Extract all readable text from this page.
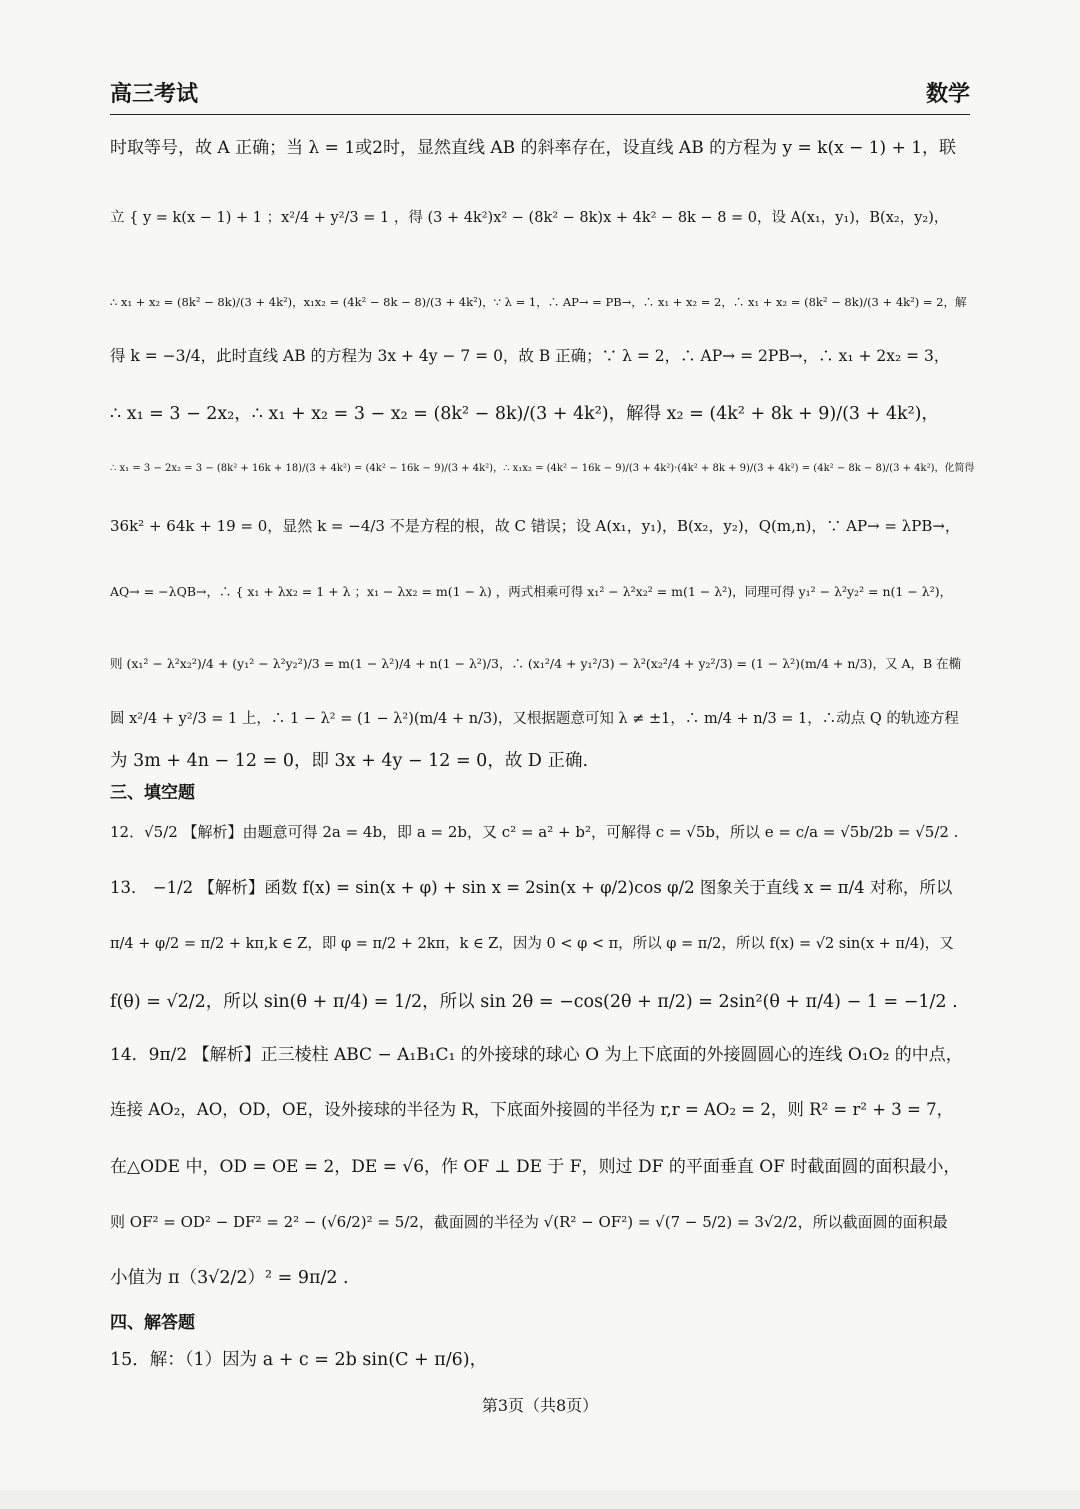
高三考试	数学
时取等号，故 A 正确；当 λ = 1或2时，显然直线 AB 的斜率存在，设直线 AB 的方程为 y = k(x − 1) + 1，联
立 { y = k(x − 1) + 1 ；x²/4 + y²/3 = 1 ，得 (3 + 4k²)x² − (8k² − 8k)x + 4k² − 8k − 8 = 0，设 A(x₁，y₁)，B(x₂，y₂)，
∴ x₁ + x₂ = (8k² − 8k)/(3 + 4k²)，x₁x₂ = (4k² − 8k − 8)/(3 + 4k²)，∵ λ = 1，∴ AP→ = PB→，∴ x₁ + x₂ = 2，∴ x₁ + x₂ = (8k² − 8k)/(3 + 4k²) = 2，解
得 k = −3/4，此时直线 AB 的方程为 3x + 4y − 7 = 0，故 B 正确；∵ λ = 2，∴ AP→ = 2PB→，∴ x₁ + 2x₂ = 3，
∴ x₁ = 3 − 2x₂，∴ x₁ + x₂ = 3 − x₂ = (8k² − 8k)/(3 + 4k²)，解得 x₂ = (4k² + 8k + 9)/(3 + 4k²)，
∴ x₁ = 3 − 2x₂ = 3 − (8k² + 16k + 18)/(3 + 4k²) = (4k² − 16k − 9)/(3 + 4k²)，∴ x₁x₂ = (4k² − 16k − 9)/(3 + 4k²)·(4k² + 8k + 9)/(3 + 4k²) = (4k² − 8k − 8)/(3 + 4k²)，化简得
36k² + 64k + 19 = 0，显然 k = −4/3 不是方程的根，故 C 错误；设 A(x₁，y₁)，B(x₂，y₂)，Q(m,n)，∵ AP→ = λPB→，
AQ→ = −λQB→，∴ { x₁ + λx₂ = 1 + λ ；x₁ − λx₂ = m(1 − λ) ，两式相乘可得 x₁² − λ²x₂² = m(1 − λ²)，同理可得 y₁² − λ²y₂² = n(1 − λ²)，
则 (x₁² − λ²x₂²)/4 + (y₁² − λ²y₂²)/3 = m(1 − λ²)/4 + n(1 − λ²)/3，∴ (x₁²/4 + y₁²/3) − λ²(x₂²/4 + y₂²/3) = (1 − λ²)(m/4 + n/3)，又 A，B 在椭
圆 x²/4 + y²/3 = 1 上，∴ 1 − λ² = (1 − λ²)(m/4 + n/3)，又根据题意可知 λ ≠ ±1，∴ m/4 + n/3 = 1，∴动点 Q 的轨迹方程
为 3m + 4n − 12 = 0，即 3x + 4y − 12 = 0，故 D 正确.
三、填空题
12．√5/2 【解析】由题意可得 2a = 4b，即 a = 2b，又 c² = a² + b²，可解得 c = √5b，所以 e = c/a = √5b/2b = √5/2 .
13． −1/2 【解析】函数 f(x) = sin(x + φ) + sin x = 2sin(x + φ/2)cos φ/2 图象关于直线 x = π/4 对称，所以
π/4 + φ/2 = π/2 + kπ,k ∈ Z，即 φ = π/2 + 2kπ，k ∈ Z，因为 0 < φ < π，所以 φ = π/2，所以 f(x) = √2 sin(x + π/4)，又
f(θ) = √2/2，所以 sin(θ + π/4) = 1/2，所以 sin 2θ = −cos(2θ + π/2) = 2sin²(θ + π/4) − 1 = −1/2 .
14．9π/2 【解析】正三棱柱 ABC − A₁B₁C₁ 的外接球的球心 O 为上下底面的外接圆圆心的连线 O₁O₂ 的中点，
连接 AO₂，AO，OD，OE，设外接球的半径为 R，下底面外接圆的半径为 r,r = AO₂ = 2，则 R² = r² + 3 = 7，
在△ODE 中，OD = OE = 2，DE = √6，作 OF ⊥ DE 于 F，则过 DF 的平面垂直 OF 时截面圆的面积最小，
则 OF² = OD² − DF² = 2² − (√6/2)² = 5/2，截面圆的半径为 √(R² − OF²) = √(7 − 5/2) = 3√2/2，所以截面圆的面积最
小值为 π（3√2/2）² = 9π/2 .
四、解答题
15．解：（1）因为 a + c = 2b sin(C + π/6)，
第3页（共8页）
